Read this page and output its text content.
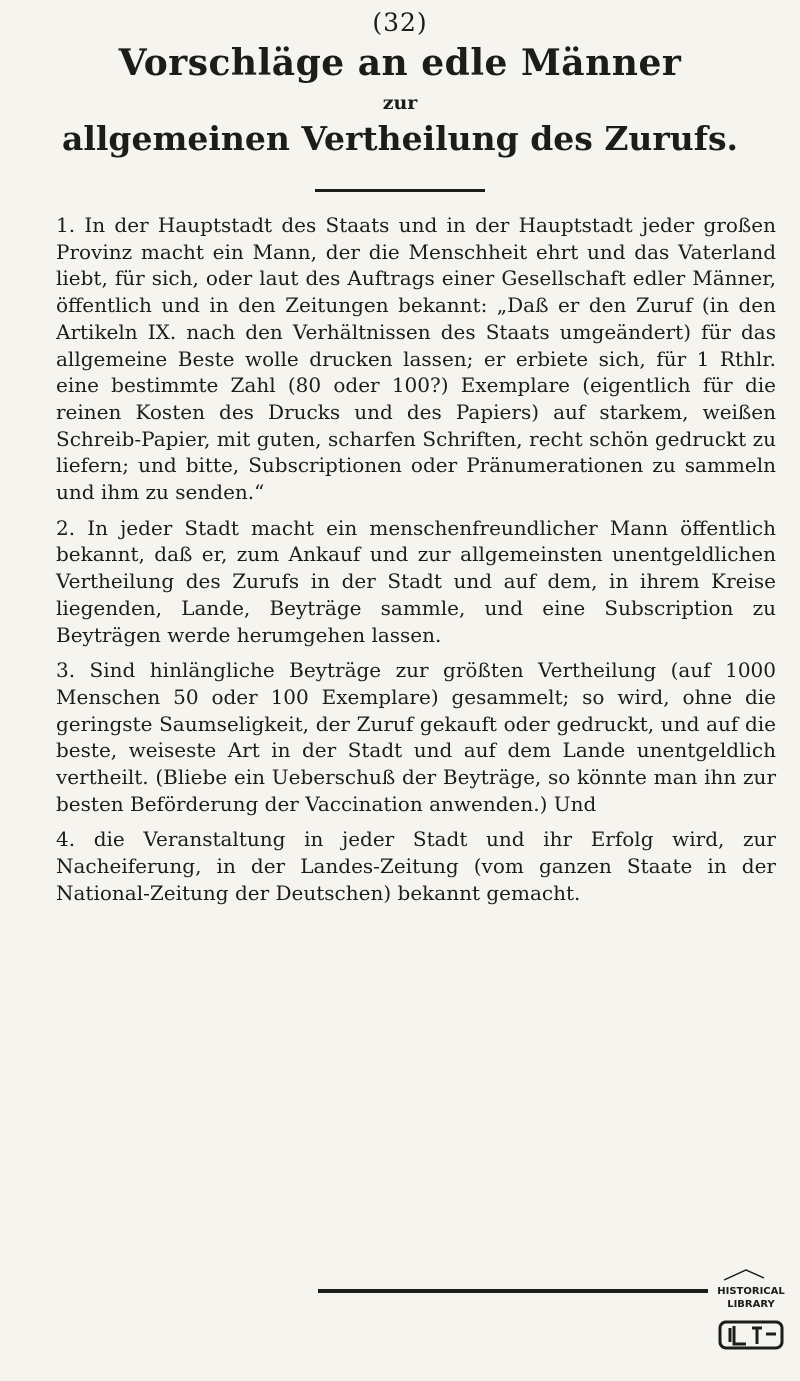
(32)
Vorschläge an edle Männer
zur
allgemeinen Vertheilung des Zurufs.

1. In der Hauptstadt des Staats und in der Hauptstadt jeder großen Provinz macht ein Mann, der die Menschheit ehrt und das Vaterland liebt, für sich, oder laut des Auftrags einer Gesellschaft edler Männer, öffentlich und in den Zeitungen bekannt: „Daß er den Zuruf (in den Artikeln IX. nach den Verhältnissen des Staats umgeändert) für das allgemeine Beste wolle drucken lassen; er erbiete sich, für 1 Rthlr. eine bestimmte Zahl (80 oder 100?) Exemplare (eigentlich für die reinen Kosten des Drucks und des Papiers) auf starkem, weißen Schreib-Papier, mit guten, scharfen Schriften, recht schön gedruckt zu liefern; und bitte, Subscriptionen oder Pränumerationen zu sammeln und ihm zu senden.“

2. In jeder Stadt macht ein menschenfreundlicher Mann öffentlich bekannt, daß er, zum Ankauf und zur allgemeinsten unentgeldlichen Vertheilung des Zurufs in der Stadt und auf dem, in ihrem Kreise liegenden, Lande, Beyträge sammle, und eine Subscription zu Beyträgen werde herumgehen lassen.

3. Sind hinlängliche Beyträge zur größten Vertheilung (auf 1000 Menschen 50 oder 100 Exemplare) gesammelt; so wird, ohne die geringste Saumseligkeit, der Zuruf gekauft oder gedruckt, und auf die beste, weiseste Art in der Stadt und auf dem Lande unentgeldlich vertheilt. (Bliebe ein Ueberschuß der Beyträge, so könnte man ihn zur besten Beförderung der Vaccination anwenden.) Und

4. die Veranstaltung in jeder Stadt und ihr Erfolg wird, zur Nacheiferung, in der Landes-Zeitung (vom ganzen Staate in der National-Zeitung der Deutschen) bekannt gemacht.

HISTORICAL
LIBRARY
